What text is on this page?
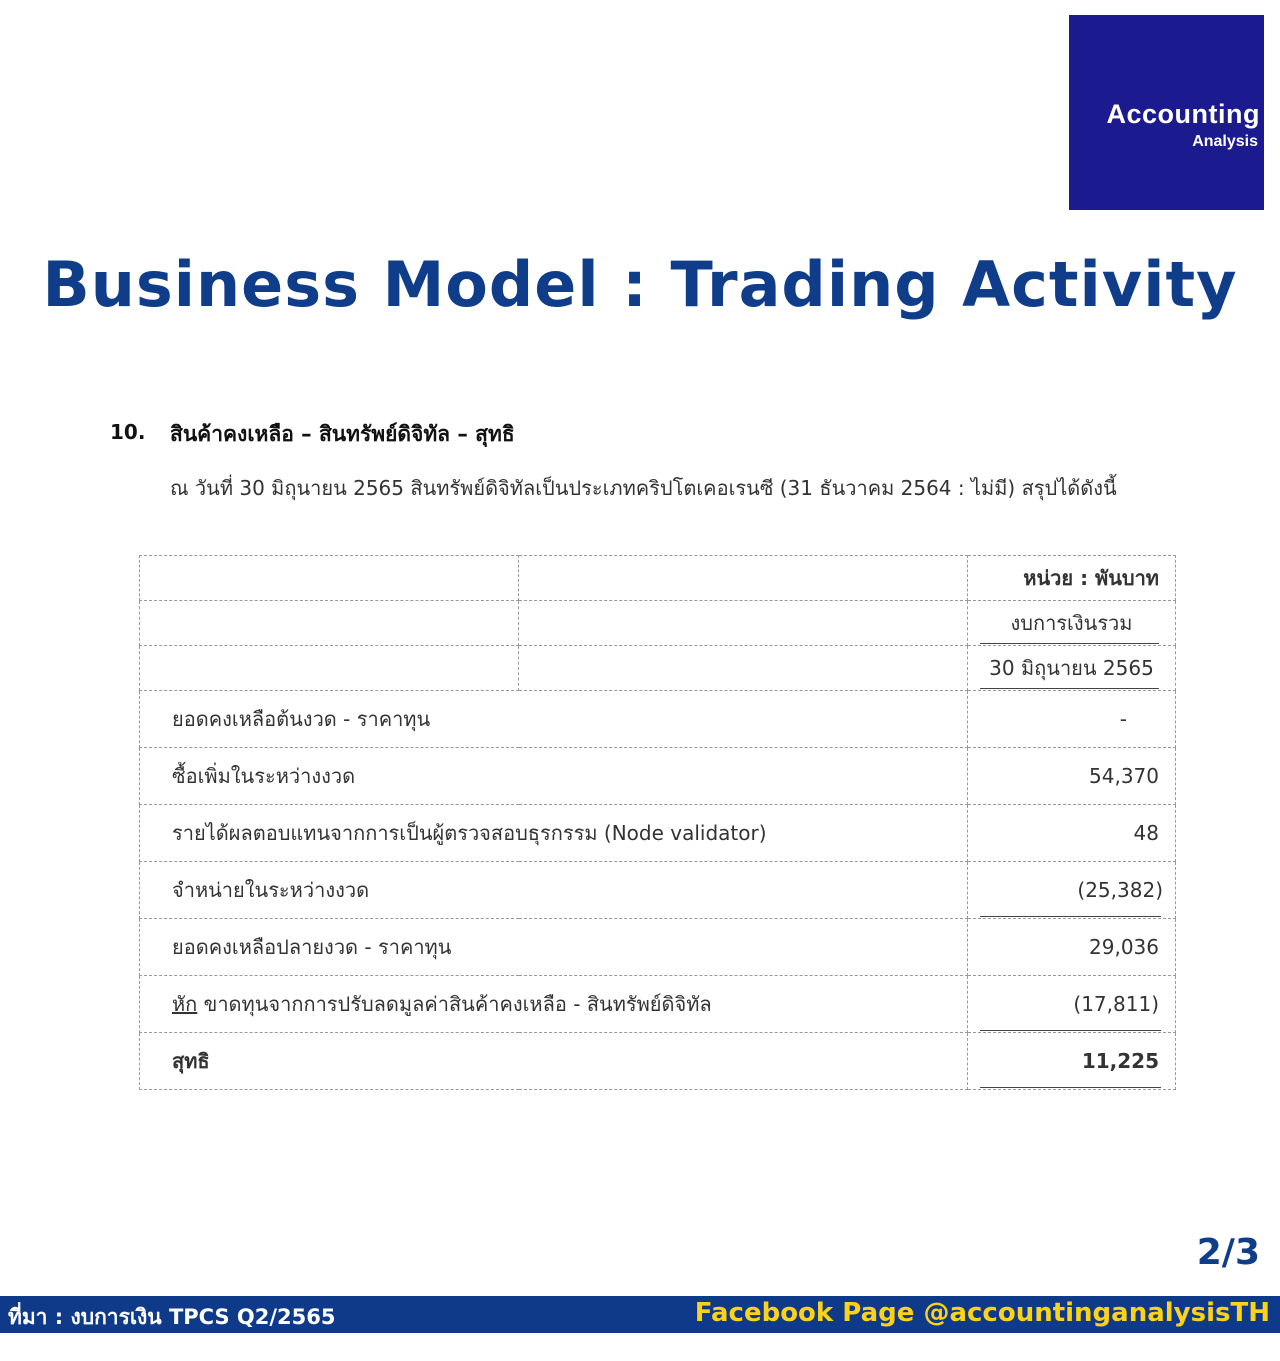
Accounting
Analysis
Business Model : Trading Activity
10. สินค้าคงเหลือ – สินทรัพย์ดิจิทัล – สุทธิ
ณ วันที่ 30 มิถุนายน 2565 สินทรัพย์ดิจิทัลเป็นประเภทคริปโตเคอเรนซี (31 ธันวาคม 2564 : ไม่มี) สรุปได้ดังนี้
		หน่วย : พันบาท
		งบการเงินรวม
		30 มิถุนายน 2565
ยอดคงเหลือต้นงวด - ราคาทุน		-
ซื้อเพิ่มในระหว่างงวด		54,370
รายได้ผลตอบแทนจากการเป็นผู้ตรวจสอบธุรกรรม (Node validator)		48
จำหน่ายในระหว่างงวด		(25,382)
ยอดคงเหลือปลายงวด - ราคาทุน		29,036
หัก ขาดทุนจากการปรับลดมูลค่าสินค้าคงเหลือ - สินทรัพย์ดิจิทัล		(17,811)
สุทธิ		11,225
2/3
ที่มา : งบการเงิน TPCS Q2/2565	Facebook Page @accountinganalysisTH
